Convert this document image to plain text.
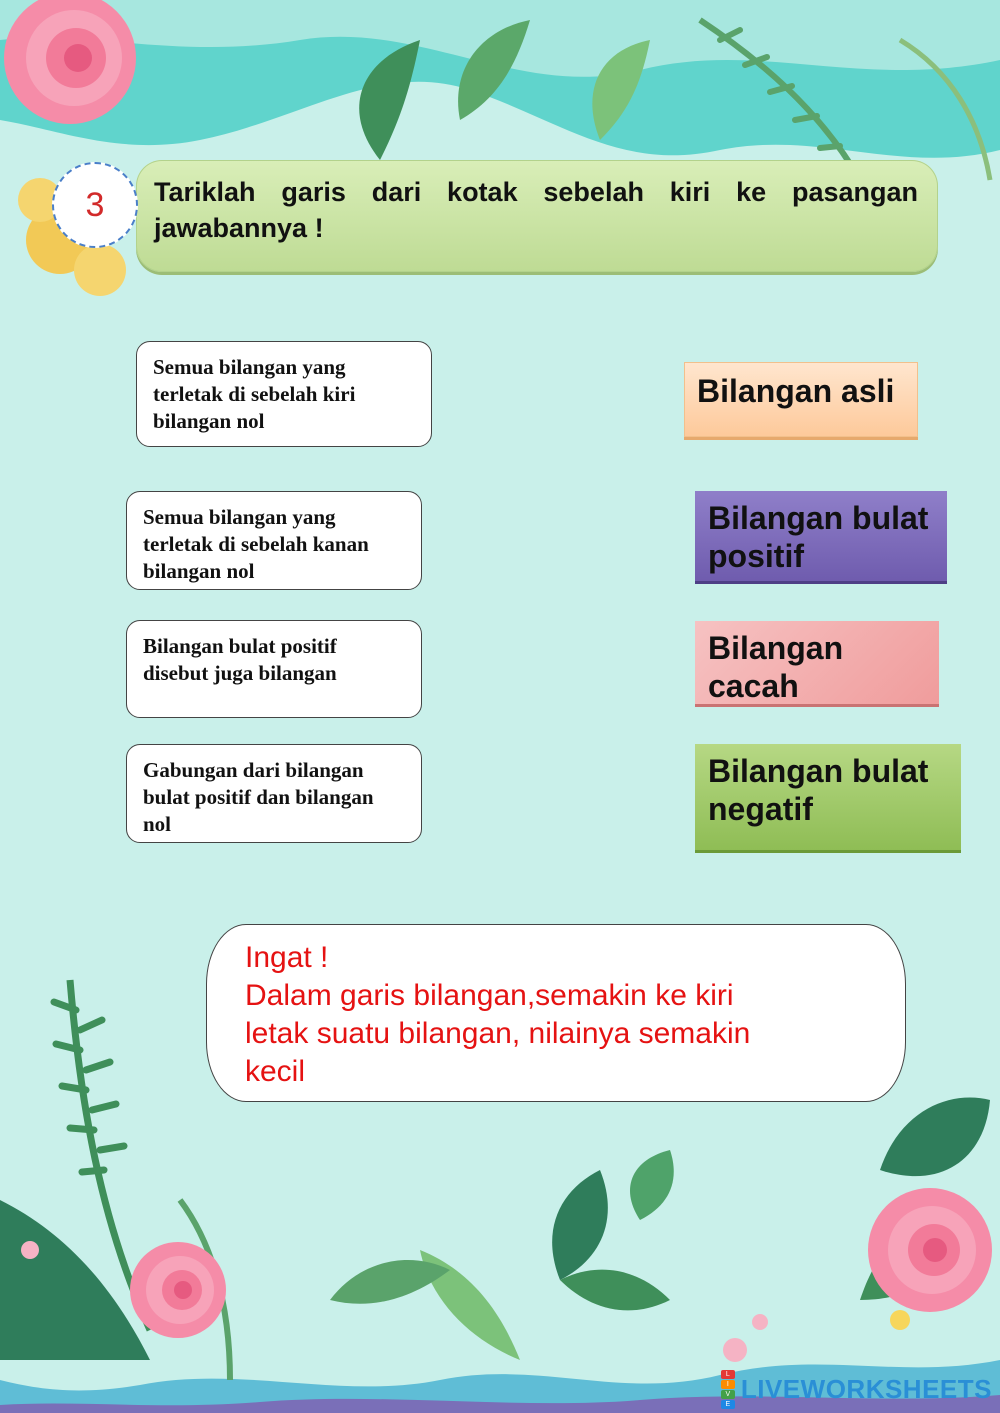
3 Tariklah garis dari kotak sebelah kiri ke pasangan jawabannya !
Semua bilangan yang terletak di sebelah kiri bilangan nol
Semua bilangan yang terletak di sebelah kanan bilangan nol
Bilangan bulat positif disebut juga bilangan
Gabungan dari bilangan bulat positif dan bilangan nol
Bilangan asli
Bilangan bulat positif
Bilangan cacah
Bilangan bulat negatif
Ingat !
Dalam garis bilangan,semakin ke kiri
letak suatu bilangan, nilainya semakin
kecil
L
I
V
E
LIVEWORKSHEETS
